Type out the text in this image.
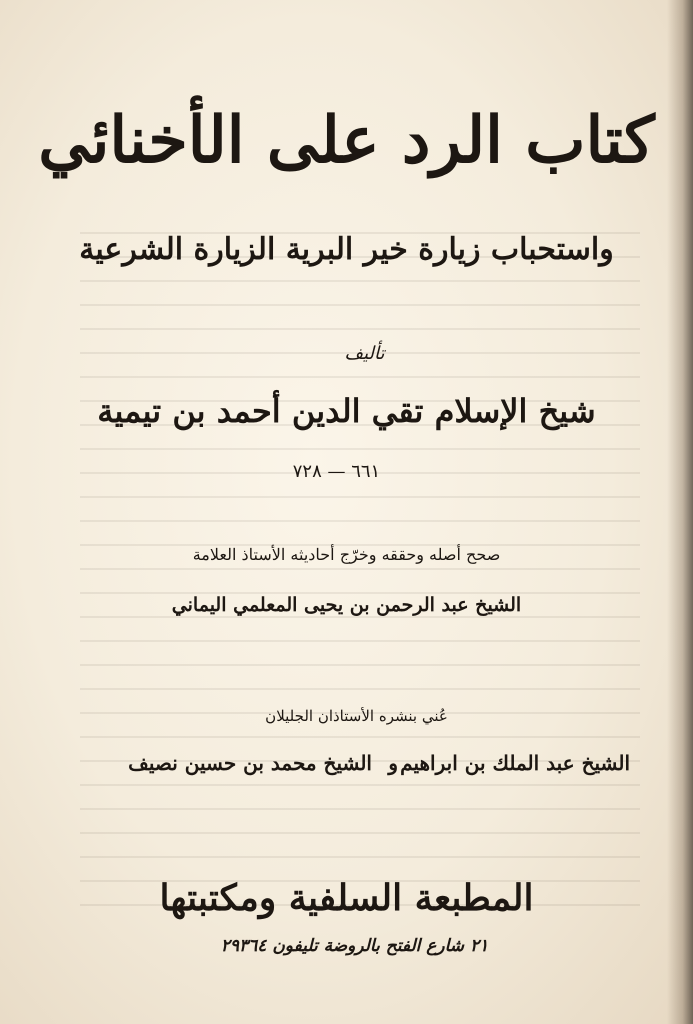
كتاب الرد على الأخنائي
واستحباب زيارة خير البرية الزيارة الشرعية
تأليف
شيخ الإسلام تقي الدين أحمد بن تيمية
٦٦١ — ٧٢٨
صحح أصله وحققه وخرّج أحاديثه الأستاذ العلامة
الشيخ عبد الرحمن بن يحيى المعلمي اليماني
عُني بنشره الأستاذان الجليلان
الشيخ عبد الملك بن ابراهيم
و
الشيخ محمد بن حسين نصيف
المطبعة السلفية ومكتبتها
٢١ شارع الفتح بالروضة تليفون ٢٩٣٦٤
